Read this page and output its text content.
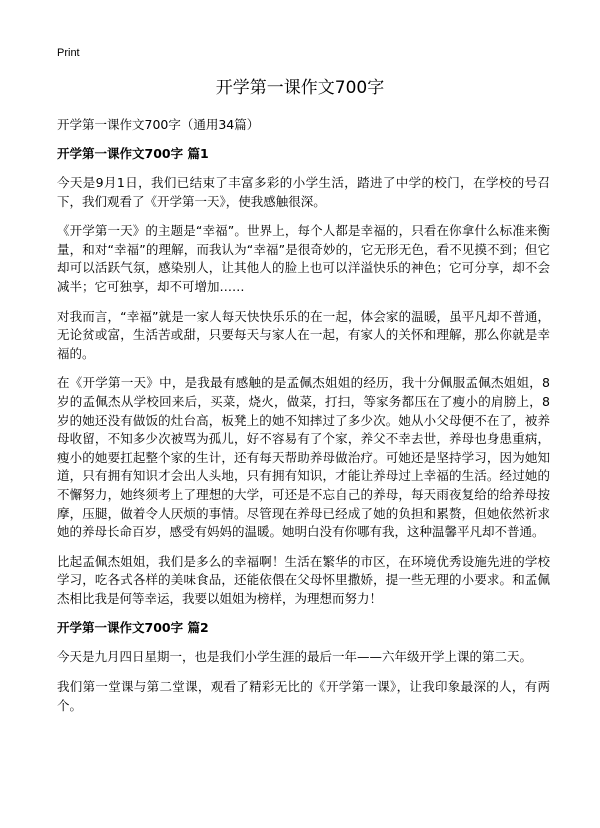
Print
开学第一课作文700字

开学第一课作文700字（通用34篇）

开学第一课作文700字 篇1

今天是9月1日，我们已结束了丰富多彩的小学生活，踏进了中学的校门，在学校的号召下，我们观看了《开学第一天》，使我感触很深。

《开学第一天》的主题是“幸福”。世界上，每个人都是幸福的，只看在你拿什么标准来衡量，和对“幸福”的理解，而我认为“幸福”是很奇妙的，它无形无色，看不见摸不到；但它却可以活跃气氛，感染别人，让其他人的脸上也可以洋溢快乐的神色；它可分享，却不会减半；它可独享，却不可增加……

对我而言，“幸福”就是一家人每天快快乐乐的在一起，体会家的温暖，虽平凡却不普通，无论贫或富，生活苦或甜，只要每天与家人在一起，有家人的关怀和理解，那么你就是幸福的。

在《开学第一天》中，是我最有感触的是孟佩杰姐姐的经历，我十分佩服孟佩杰姐姐，8岁的孟佩杰从学校回来后，买菜，烧火，做菜，打扫，等家务都压在了瘦小的肩膀上，8岁的她还没有做饭的灶台高，板凳上的她不知摔过了多少次。她从小父母便不在了，被养母收留，不知多少次被骂为孤儿，好不容易有了个家，养父不幸去世，养母也身患重病，瘦小的她要扛起整个家的生计，还有每天帮助养母做治疗。可她还是坚持学习，因为她知道，只有拥有知识才会出人头地，只有拥有知识，才能让养母过上幸福的生活。经过她的不懈努力，她终须考上了理想的大学，可还是不忘自己的养母，每天雨夜复给的给养母按摩，压腿，做着令人厌烦的事情。尽管现在养母已经成了她的负担和累赘，但她依然祈求她的养母长命百岁，感受有妈妈的温暖。她明白没有你哪有我，这种温馨平凡却不普通。

比起孟佩杰姐姐，我们是多么的幸福啊！生活在繁华的市区，在环境优秀设施先进的学校学习，吃各式各样的美味食品，还能依偎在父母怀里撒娇，提一些无理的小要求。和孟佩杰相比我是何等幸运，我要以姐姐为榜样，为理想而努力！

开学第一课作文700字 篇2

今天是九月四日星期一，也是我们小学生涯的最后一年——六年级开学上课的第二天。

我们第一堂课与第二堂课，观看了精彩无比的《开学第一课》，让我印象最深的人，有两个。
